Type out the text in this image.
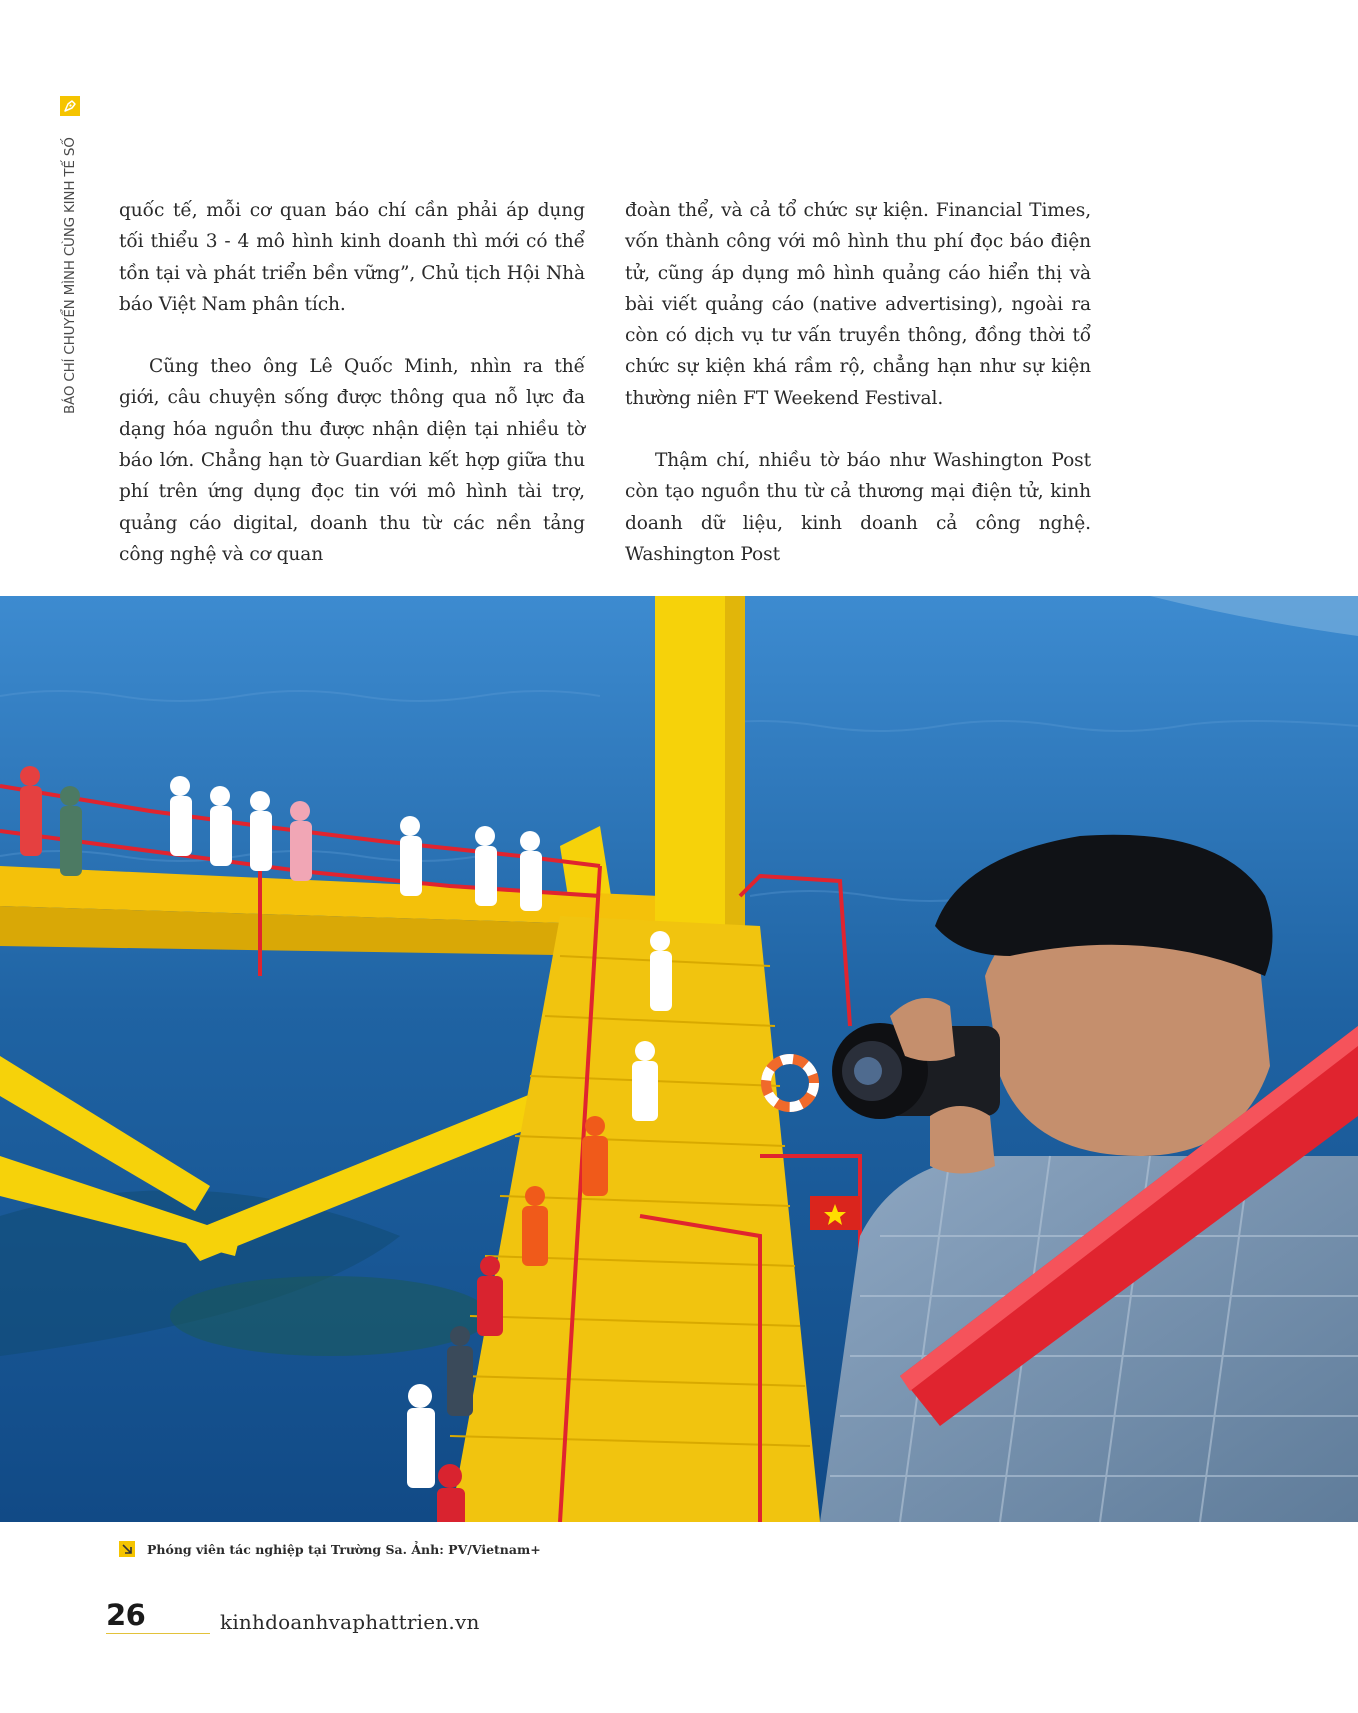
BÁO CHÍ CHUYỂN MÌNH CÙNG KINH TẾ SỐ quốc tế, mỗi cơ quan báo chí cần phải áp dụng tối thiểu 3 - 4 mô hình kinh doanh thì mới có thể tồn tại và phát triển bền vững”, Chủ tịch Hội Nhà báo Việt Nam phân tích.

Cũng theo ông Lê Quốc Minh, nhìn ra thế giới, câu chuyện sống được thông qua nỗ lực đa dạng hóa nguồn thu được nhận diện tại nhiều tờ báo lớn. Chẳng hạn tờ Guardian kết hợp giữa thu phí trên ứng dụng đọc tin với mô hình tài trợ, quảng cáo digital, doanh thu từ các nền tảng công nghệ và cơ quan

đoàn thể, và cả tổ chức sự kiện. Financial Times, vốn thành công với mô hình thu phí đọc báo điện tử, cũng áp dụng mô hình quảng cáo hiển thị và bài viết quảng cáo (native advertising), ngoài ra còn có dịch vụ tư vấn truyền thông, đồng thời tổ chức sự kiện khá rầm rộ, chẳng hạn như sự kiện thường niên FT Weekend Festival.

Thậm chí, nhiều tờ báo như Washington Post còn tạo nguồn thu từ cả thương mại điện tử, kinh doanh dữ liệu, kinh doanh cả công nghệ. Washington Post

Phóng viên tác nghiệp tại Trường Sa. Ảnh: PV/Vietnam+
26	kinhdoanhvaphattrien.vn
